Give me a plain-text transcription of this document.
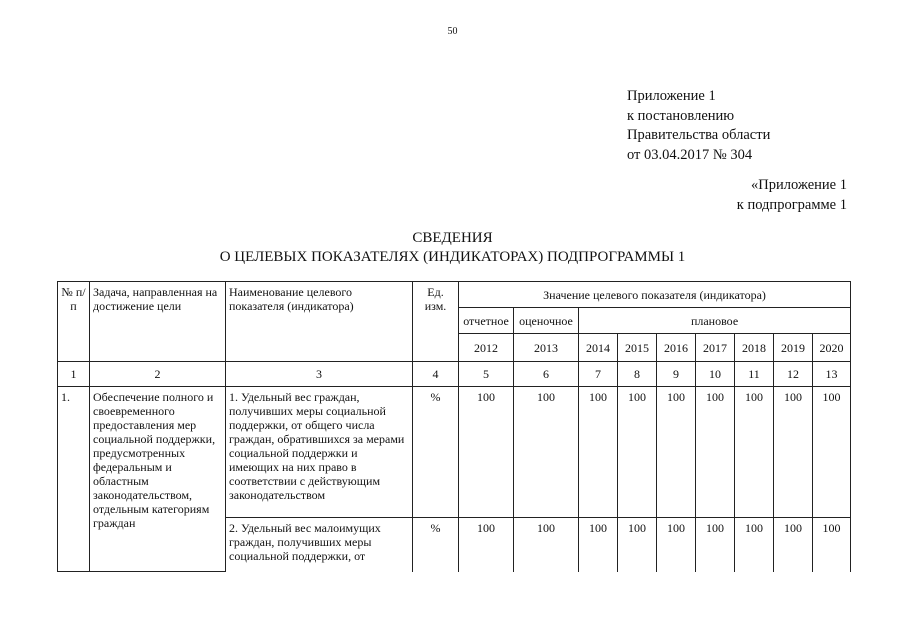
50
Приложение 1
к постановлению
Правительства области
от 03.04.2017 № 304
«Приложение 1
к подпрограмме 1
СВЕДЕНИЯ
О ЦЕЛЕВЫХ ПОКАЗАТЕЛЯХ (ИНДИКАТОРАХ) ПОДПРОГРАММЫ 1
№ п/п	Задача, направленная на достижение цели	Наименование целевого показателя (индикатора)	Ед. изм.	Значение целевого показателя (индикатора)								
				отчетное	оценочное	плановое						
				2012	2013	2014	2015	2016	2017	2018	2019	2020
1	2	3	4	5	6	7	8	9	10	11	12	13
1.	Обеспечение полного и своевременного предоставления мер социальной поддержки, предусмотренных федеральным и областным законодательством, отдельным категориям граждан	1. Удельный вес граждан, получивших меры социальной поддержки, от общего числа граждан, обратившихся за мерами социальной поддержки и имеющих на них право в соответствии с действующим законодательством	%	100	100	100	100	100	100	100	100	100
		2. Удельный вес малоимущих граждан, получивших меры социальной поддержки, от	%	100	100	100	100	100	100	100	100	100
